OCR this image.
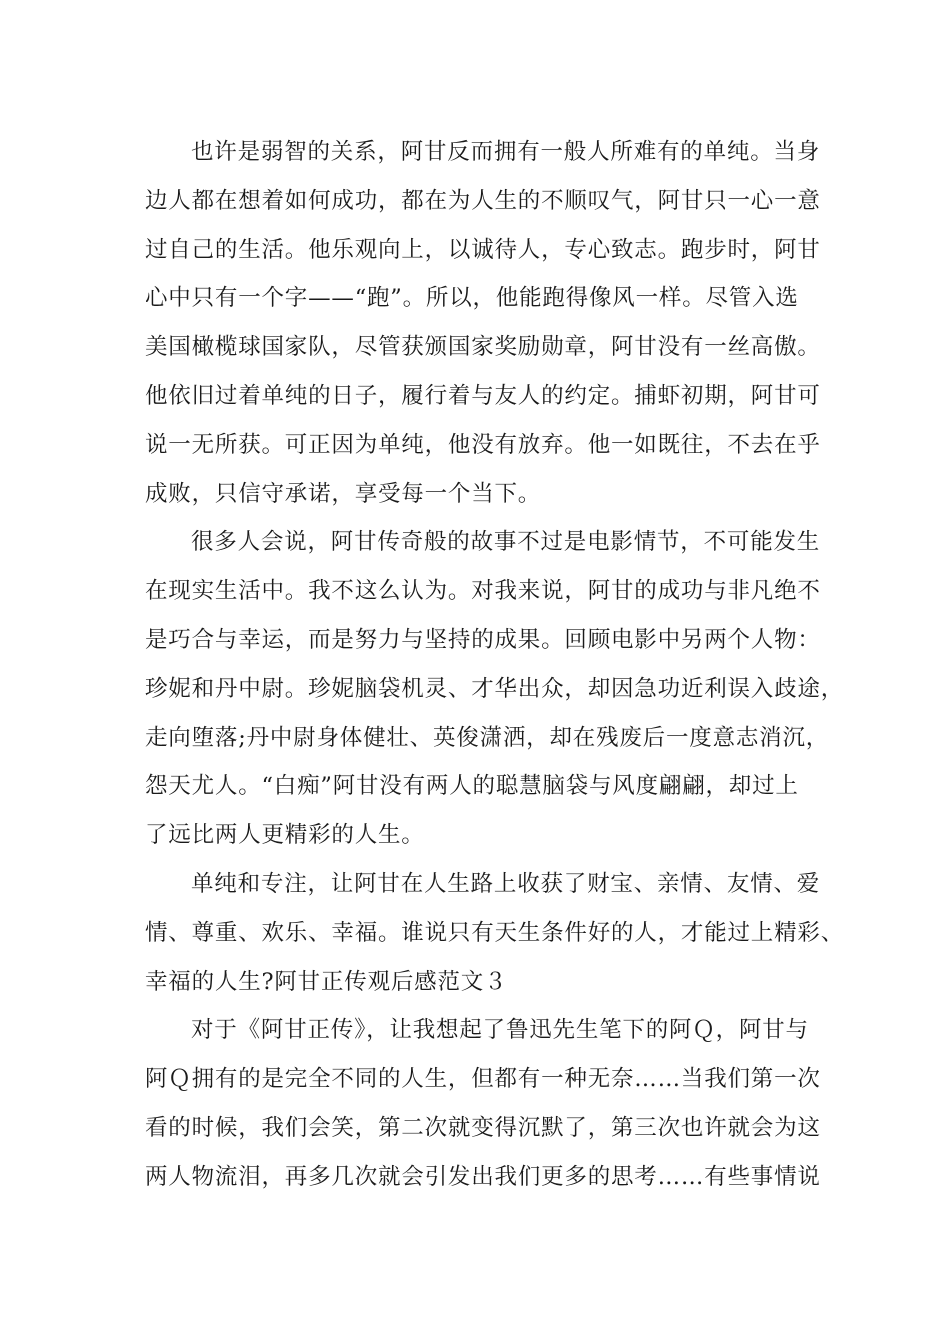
也许是弱智的关系，阿甘反而拥有一般人所难有的单纯。当身
边人都在想着如何成功，都在为人生的不顺叹气，阿甘只一心一意
过自己的生活。他乐观向上，以诚待人，专心致志。跑步时，阿甘
心中只有一个字——“跑”。所以，他能跑得像风一样。尽管入选
美国橄榄球国家队，尽管获颁国家奖励勋章，阿甘没有一丝高傲。
他依旧过着单纯的日子，履行着与友人的约定。捕虾初期，阿甘可
说一无所获。可正因为单纯，他没有放弃。他一如既往，不去在乎
成败，只信守承诺，享受每一个当下。
很多人会说，阿甘传奇般的故事不过是电影情节，不可能发生
在现实生活中。我不这么认为。对我来说，阿甘的成功与非凡绝不
是巧合与幸运，而是努力与坚持的成果。回顾电影中另两个人物：
珍妮和丹中尉。珍妮脑袋机灵、才华出众，却因急功近利误入歧途，
走向堕落;丹中尉身体健壮、英俊潇洒，却在残废后一度意志消沉，
怨天尤人。“白痴”阿甘没有两人的聪慧脑袋与风度翩翩，却过上
了远比两人更精彩的人生。
单纯和专注，让阿甘在人生路上收获了财宝、亲情、友情、爱
情、尊重、欢乐、幸福。谁说只有天生条件好的人，才能过上精彩、
幸福的人生?阿甘正传观后感范文３
对于《阿甘正传》，让我想起了鲁迅先生笔下的阿Ｑ，阿甘与
阿Ｑ拥有的是完全不同的人生，但都有一种无奈……当我们第一次
看的时候，我们会笑，第二次就变得沉默了，第三次也许就会为这
两人物流泪，再多几次就会引发出我们更多的思考……有些事情说
